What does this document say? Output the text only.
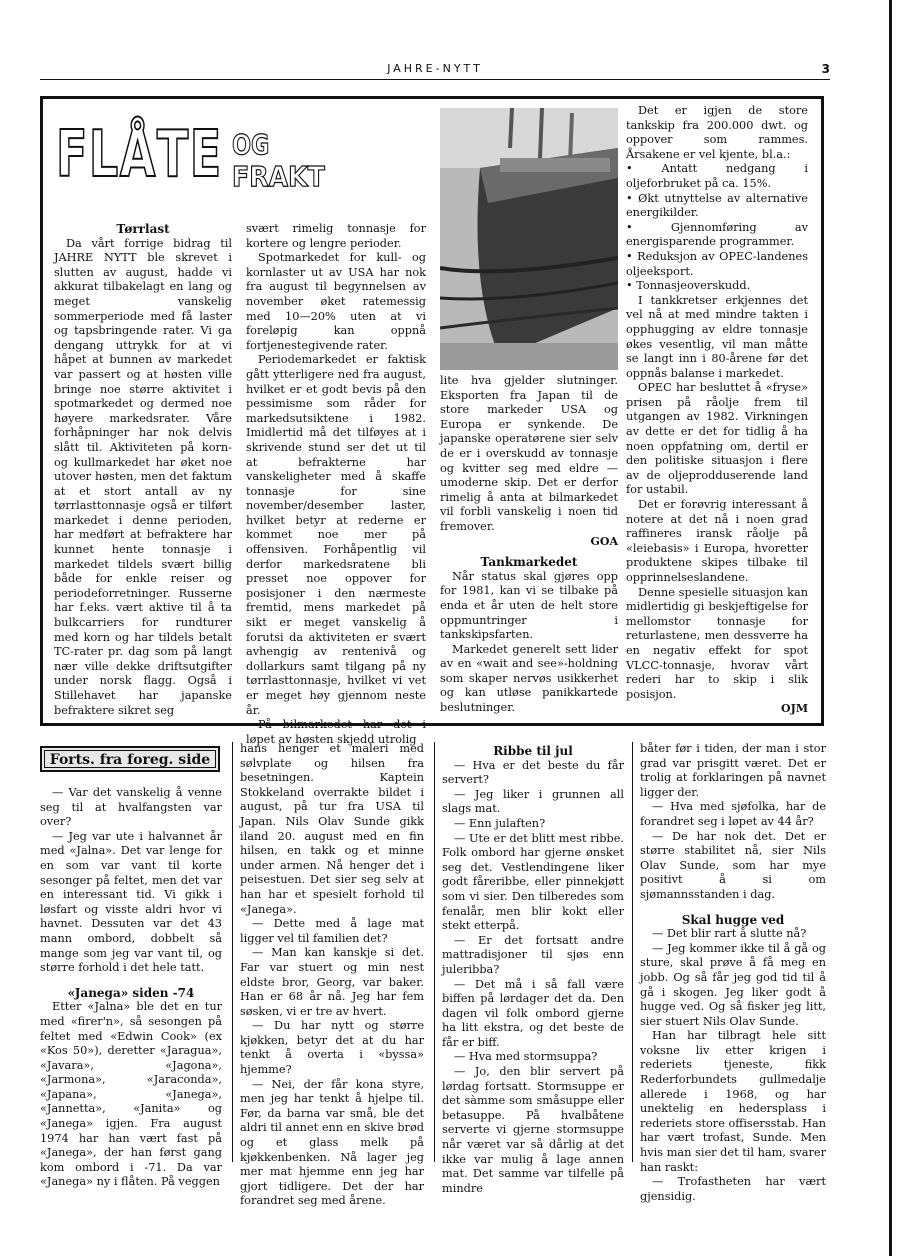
JAHRE-NYTT	3
FLÅTE OG
FRAKT

Tørrlast

Da vårt forrige bidrag til JAHRE NYTT ble skrevet i slutten av august, hadde vi akkurat tilbakelagt en lang og meget vanskelig sommerperiode med få laster og tapsbringende rater. Vi ga dengang uttrykk for at vi håpet at bunnen av markedet var passert og at høsten ville bringe noe større aktivitet i spotmarkedet og dermed noe høyere markedsrater. Våre forhåpninger har nok delvis slått til. Aktiviteten på korn- og kullmarkedet har øket noe utover høsten, men det faktum at et stort antall av ny tørrlasttonnasje også er tilført markedet i denne perioden, har medført at befraktere har kunnet hente tonnasje i markedet tildels svært billig både for enkle reiser og periodeforretninger. Russerne har f.eks. vært aktive til å ta bulkcarriers for rundturer med korn og har tildels betalt TC-rater pr. dag som på langt nær ville dekke driftsutgifter under norsk flagg. Også i Stillehavet har japanske befraktere sikret seg

svært rimelig tonnasje for kortere og lengre perioder.

Spotmarkedet for kull- og kornlaster ut av USA har nok fra august til begynnelsen av november øket ratemessig med 10—20% uten at vi foreløpig kan oppnå fortjenestegivende rater.

Periodemarkedet er faktisk gått ytterligere ned fra august, hvilket er et godt bevis på den pessimisme som råder for markedsutsiktene i 1982. Imidlertid må det tilføyes at i skrivende stund ser det ut til at befrakterne har vanskeligheter med å skaffe tonnasje for sine november/desember laster, hvilket betyr at rederne er kommet noe mer på offensiven. Forhåpentlig vil derfor markedsratene bli presset noe oppover for posisjoner i den nærmeste fremtid, mens markedet på sikt er meget vanskelig å forutsi da aktiviteten er svært avhengig av rentenivå og dollarkurs samt tilgang på ny tørrlasttonnasje, hvilket vi vet er meget høy gjennom neste år.

På bilmarkedet har det i løpet av høsten skjedd utrolig

lite hva gjelder slutninger. Eksporten fra Japan til de store markeder USA og Europa er synkende. De japanske operatørene sier selv de er i overskudd av tonnasje og kvitter seg med eldre — umoderne skip. Det er derfor rimelig å anta at bilmarkedet vil forbli vanskelig i noen tid fremover.

GOA

Tankmarkedet

Når status skal gjøres opp for 1981, kan vi se tilbake på enda et år uten de helt store oppmuntringer i tankskipsfarten.

Markedet generelt sett lider av en «wait and see»-holdning som skaper nervøs usikkerhet og kan utløse panikkartede beslutninger.

Det er igjen de store tankskip fra 200.000 dwt. og oppover som rammes. Årsakene er vel kjente, bl.a.:

• Antatt nedgang i oljeforbruket på ca. 15%.

• Økt utnyttelse av alternative energikilder.

• Gjennomføring av energisparende programmer.

• Reduksjon av OPEC-landenes oljeeksport.

• Tonnasjeoverskudd.

I tankkretser erkjennes det vel nå at med mindre takten i opphugging av eldre tonnasje økes vesentlig, vil man måtte se langt inn i 80-årene før det oppnås balanse i markedet.

OPEC har besluttet å «fryse» prisen på råolje frem til utgangen av 1982. Virkningen av dette er det for tidlig å ha noen oppfatning om, dertil er den politiske situasjon i flere av de oljeprodduserende land for ustabil.

Det er forøvrig interessant å notere at det nå i noen grad raffineres iransk råolje på «leiebasis» i Europa, hvoretter produktene skipes tilbake til opprinnelseslandene.

Denne spesielle situasjon kan midlertidig gi beskjeftigelse for mellomstor tonnasje for returlastene, men dessverre ha en negativ effekt for spot VLCC-tonnasje, hvorav vårt rederi har to skip i slik posisjon.

OJM

Forts. fra foreg. side

— Var det vanskelig å venne seg til at hvalfangsten var over?

— Jeg var ute i halvannet år med «Jalna». Det var lenge for en som var vant til korte sesonger på feltet, men det var en interessant tid. Vi gikk i løsfart og visste aldri hvor vi havnet. Dessuten var det 43 mann ombord, dobbelt så mange som jeg var vant til, og større forhold i det hele tatt.

«Janega» siden -74

Etter «Jalna» ble det en tur med «firer'n», så sesongen på feltet med «Edwin Cook» (ex «Kos 50»), deretter «Jaragua», «Javara», «Jagona», «Jarmona», «Jaraconda», «Japana», «Janega», «Jannetta», «Janita» og «Janega» igjen. Fra august 1974 har han vært fast på «Janega», der han først gang kom ombord i -71. Da var «Janega» ny i flåten. På veggen

hans henger et maleri med sølvplate og hilsen fra besetningen. Kaptein Stokkeland overrakte bildet i august, på tur fra USA til Japan. Nils Olav Sunde gikk iland 20. august med en fin hilsen, en takk og et minne under armen. Nå henger det i peisestuen. Det sier seg selv at han har et spesielt forhold til «Janega».

— Dette med å lage mat ligger vel til familien det?

— Man kan kanskje si det. Far var stuert og min nest eldste bror, Georg, var baker. Han er 68 år nå. Jeg har fem søsken, vi er tre av hvert.

— Du har nytt og større kjøkken, betyr det at du har tenkt å overta i «byssa» hjemme?

— Nei, der får kona styre, men jeg har tenkt å hjelpe til. Før, da barna var små, ble det aldri til annet enn en skive brød og et glass melk på kjøkkenbenken. Nå lager jeg mer mat hjemme enn jeg har gjort tidligere. Det der har forandret seg med årene.

Ribbe til jul

— Hva er det beste du får servert?

— Jeg liker i grunnen all slags mat.

— Enn julaften?

— Ute er det blitt mest ribbe. Folk ombord har gjerne ønsket seg det. Vestlendingene liker godt fåreribbe, eller pinnekjøtt som vi sier. Den tilberedes som fenalår, men blir kokt eller stekt etterpå.

— Er det fortsatt andre mattradisjoner til sjøs enn juleribba?

— Det må i så fall være biffen på lørdager det da. Den dagen vil folk ombord gjerne ha litt ekstra, og det beste de får er biff.

— Hva med stormsuppa?

— Jo, den blir servert på lørdag fortsatt. Stormsuppe er det sàmme som småsuppe eller betasuppe. På hvalbåtene serverte vi gjerne stormsuppe når været var så dårlig at det ikke var mulig å lage annen mat. Det samme var tilfelle på mindre

båter før i tiden, der man i stor grad var prisgitt været. Det er trolig at forklaringen på navnet ligger der.

— Hva med sjøfolka, har de forandret seg i løpet av 44 år?

— De har nok det. Det er større stabilitet nå, sier Nils Olav Sunde, som har mye positivt å si om sjømannsstanden i dag.

Skal hugge ved

— Det blir rart å slutte nå?

— Jeg kommer ikke til å gå og sture, skal prøve å få meg en jobb. Og så får jeg god tid til å gå i skogen. Jeg liker godt å hugge ved. Og så fisker jeg litt, sier stuert Nils Olav Sunde.

Han har tilbragt hele sitt voksne liv etter krigen i rederiets tjeneste, fikk Rederforbundets gullmedalje allerede i 1968, og har unektelig en hedersplass i rederiets store offisersstab. Han har vært trofast, Sunde. Men hvis man sier det til ham, svarer han raskt:

— Trofastheten har vært gjensidig.
